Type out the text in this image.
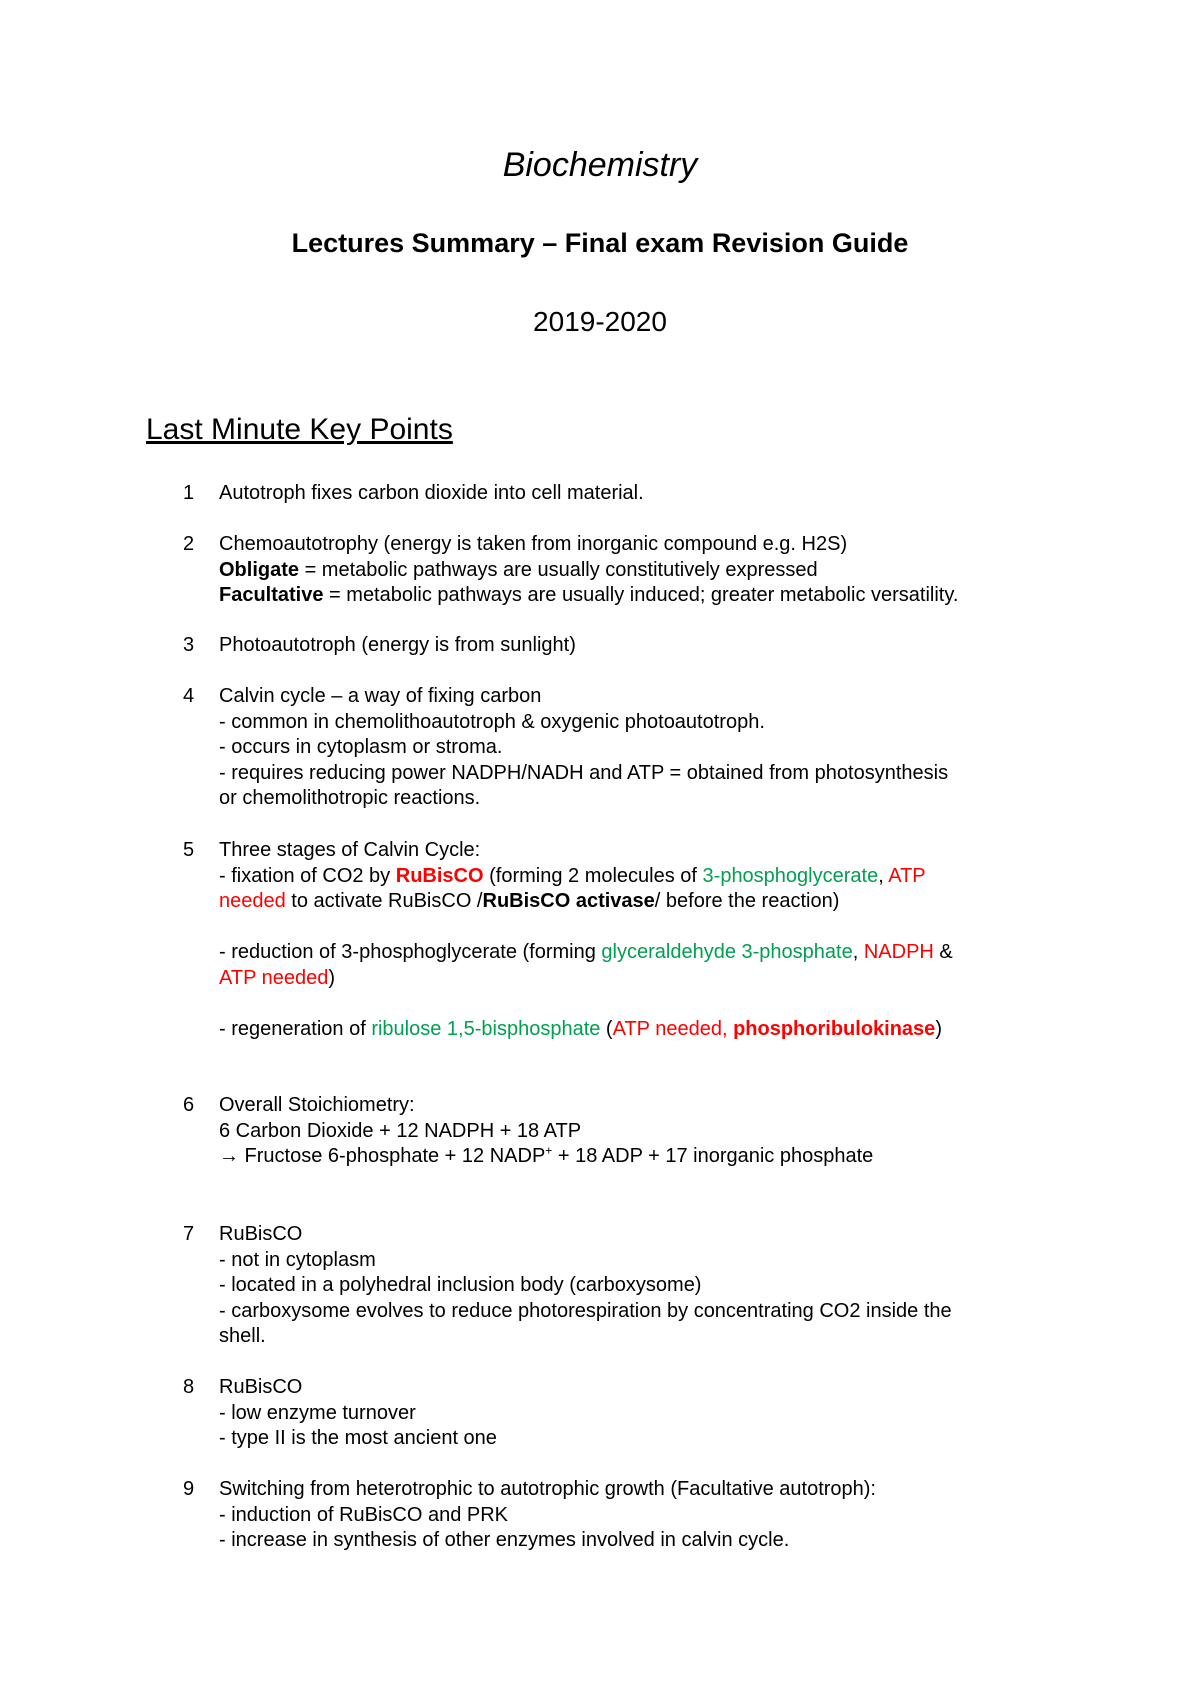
Biochemistry
Lectures Summary – Final exam Revision Guide
2019-2020
Last Minute Key Points
1 Autotroph fixes carbon dioxide into cell material.
2 Chemoautotrophy (energy is taken from inorganic compound e.g. H2S)
Obligate = metabolic pathways are usually constitutively expressed
Facultative = metabolic pathways are usually induced; greater metabolic versatility.
3 Photoautotroph (energy is from sunlight)
4 Calvin cycle – a way of fixing carbon
- common in chemolithoautotroph & oxygenic photoautotroph.
- occurs in cytoplasm or stroma.
- requires reducing power NADPH/NADH and ATP = obtained from photosynthesis
or chemolithotropic reactions.
5 Three stages of Calvin Cycle:
- fixation of CO2 by RuBisCO (forming 2 molecules of 3-phosphoglycerate, ATP
needed to activate RuBisCO /RuBisCO activase/ before the reaction)
- reduction of 3-phosphoglycerate (forming glyceraldehyde 3-phosphate, NADPH &
ATP needed)
- regeneration of ribulose 1,5-bisphosphate (ATP needed, phosphoribulokinase)
6 Overall Stoichiometry:
6 Carbon Dioxide + 12 NADPH + 18 ATP
→ Fructose 6-phosphate + 12 NADP+ + 18 ADP + 17 inorganic phosphate
7 RuBisCO
- not in cytoplasm
- located in a polyhedral inclusion body (carboxysome)
- carboxysome evolves to reduce photorespiration by concentrating CO2 inside the
shell.
8 RuBisCO
- low enzyme turnover
- type II is the most ancient one
9 Switching from heterotrophic to autotrophic growth (Facultative autotroph):
- induction of RuBisCO and PRK
- increase in synthesis of other enzymes involved in calvin cycle.
